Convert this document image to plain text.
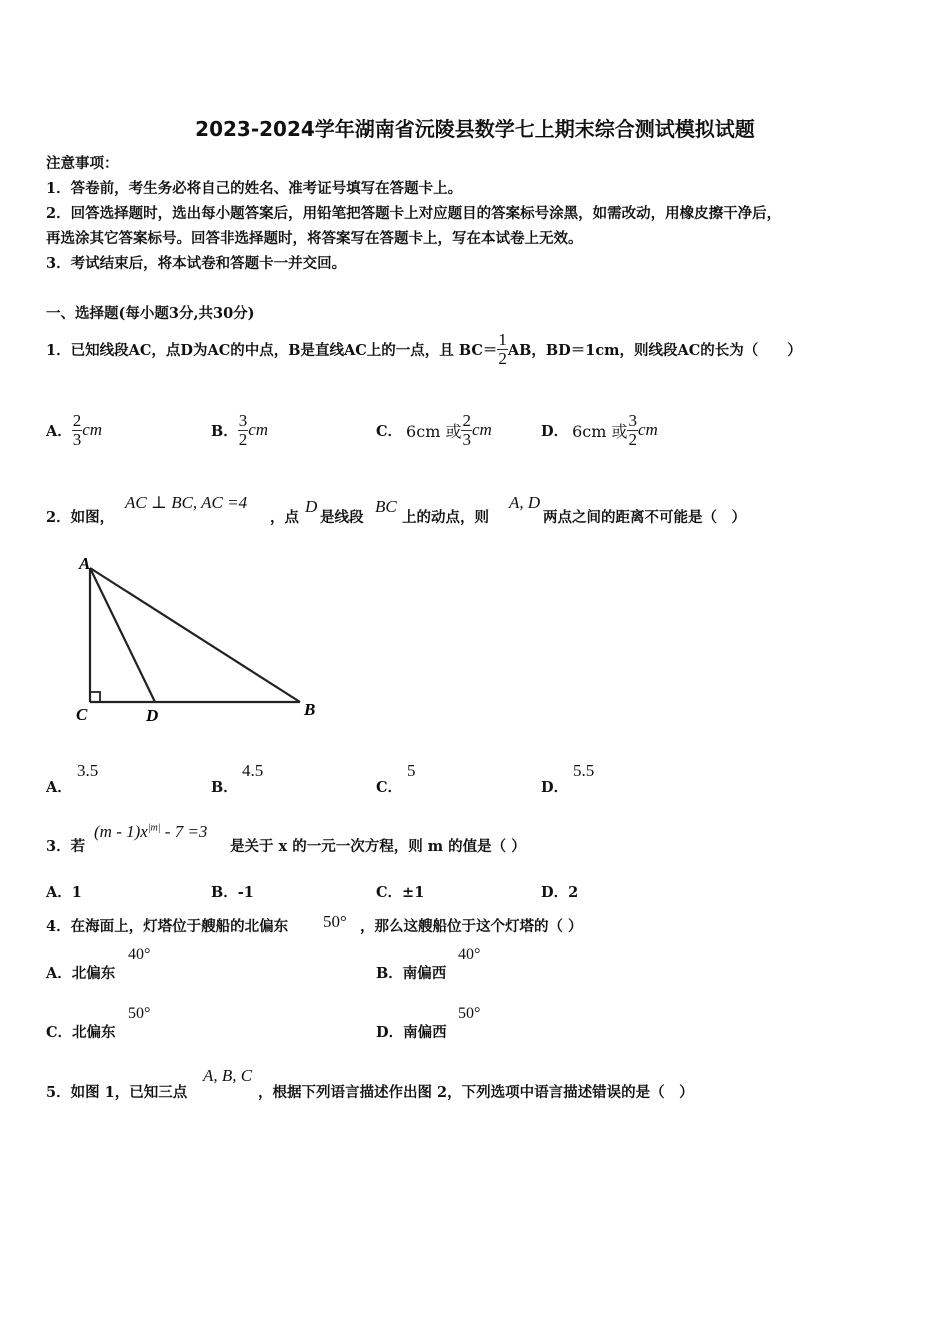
2023-2024学年湖南省沅陵县数学七上期末综合测试模拟试题
注意事项：
1．答卷前，考生务必将自己的姓名、准考证号填写在答题卡上。
2．回答选择题时，选出每小题答案后，用铅笔把答题卡上对应题目的答案标号涂黑，如需改动，用橡皮擦干净后，
再选涂其它答案标号。回答非选择题时，将答案写在答题卡上，写在本试卷上无效。
3．考试结束后，将本试卷和答题卡一并交回。
一、选择题(每小题3分,共30分)
1．已知线段AC，点D为AC的中点，B是直线AC上的一点，且 $BC= \frac{1}{2}$ AB，BD＝1cm，则线段AC的长为（　　）
A． $\frac{2}{3}$ cm	B． $\frac{3}{2}$ cm	C． 6cm 或 $\frac{2}{3}$ cm	D． 6cm 或 $\frac{3}{2}$ cm
2．如图，
AC ⊥ BC, AC =4
，点
D
是线段
BC
上的动点，则
A, D
两点之间的距离不可能是（　）
A
C	D	B
A．
3.5
B．
4.5
C．
5
D．
5.5
3．若
$(m - 1)x^{|m|} - 7 =3$
是关于 x 的一元一次方程，则 m 的值是（ ）
A．1	B．-1	C．±1	D．2
4．在海面上，灯塔位于艘船的北偏东 50° ，那么这艘船位于这个灯塔的（ ）
A．北偏东
40°
B．南偏西
40°
C．北偏东
50°
D．南偏西
50°
5．如图 1，已知三点
A, B, C
，根据下列语言描述作出图 2，下列选项中语言描述错误的是（　）
